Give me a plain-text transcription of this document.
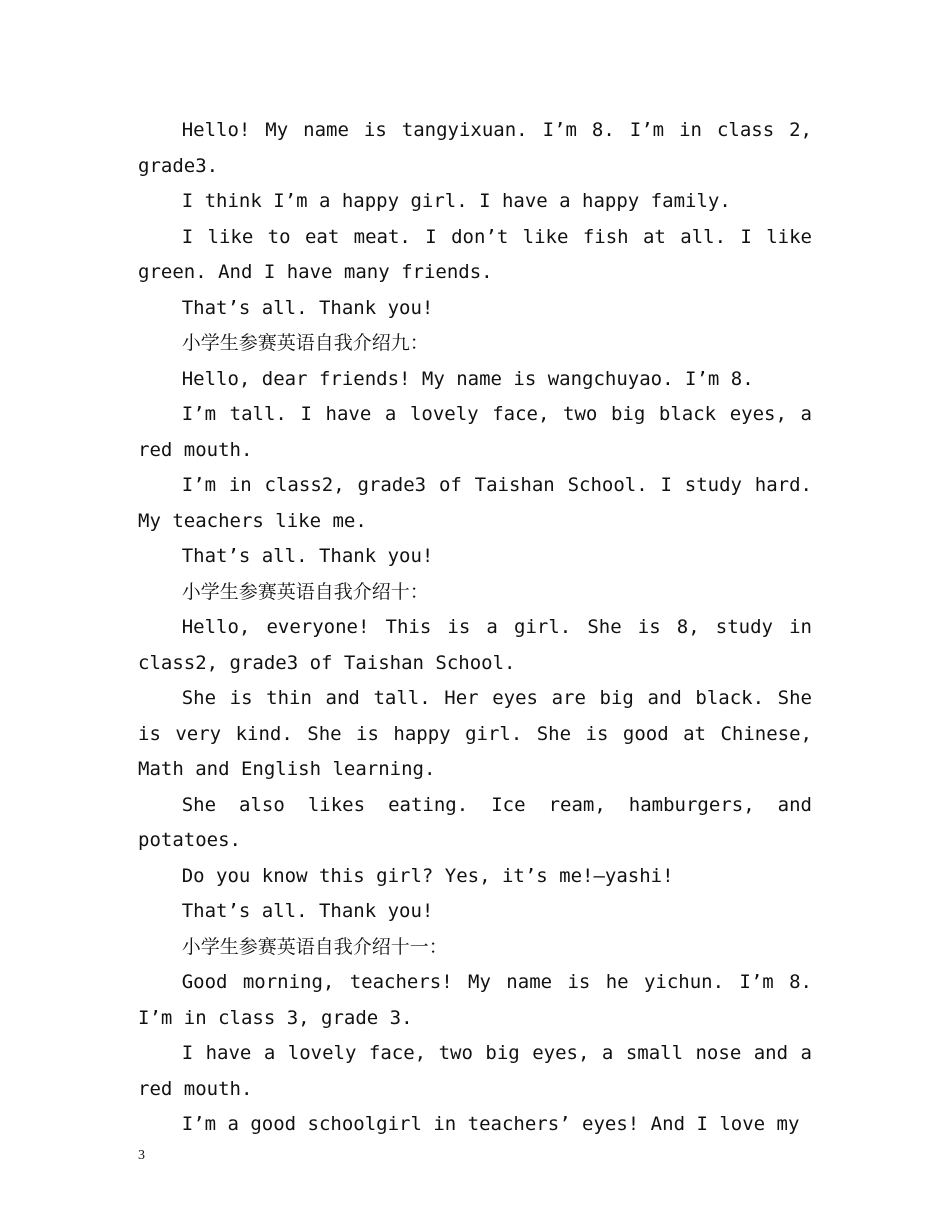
Hello! My name is tangyixuan. I’m 8. I’m in class 2, grade3.

I think I’m a happy girl. I have a happy family.

I like to eat meat. I don’t like fish at all. I like green. And I have many friends.

That’s all. Thank you!

小学生参赛英语自我介绍九：

Hello, dear friends! My name is wangchuyao. I’m 8.

I’m tall. I have a lovely face, two big black eyes, a red mouth.

I’m in class2, grade3 of Taishan School. I study hard. My teachers like me.

That’s all. Thank you!

小学生参赛英语自我介绍十：

Hello, everyone! This is a girl. She is 8, study in class2, grade3 of Taishan School.

She is thin and tall. Her eyes are big and black. She is very kind. She is happy girl. She is good at Chinese, Math and English learning.

She also likes eating. Ice ream, hamburgers, and potatoes.

Do you know this girl? Yes, it’s me!—yashi!

That’s all. Thank you!

小学生参赛英语自我介绍十一：

Good morning, teachers! My name is he yichun. I’m 8. I’m in class 3, grade 3.

I have a lovely face, two big eyes, a small nose and a red mouth.

I’m a good schoolgirl in teachers’ eyes! And I love my

3
